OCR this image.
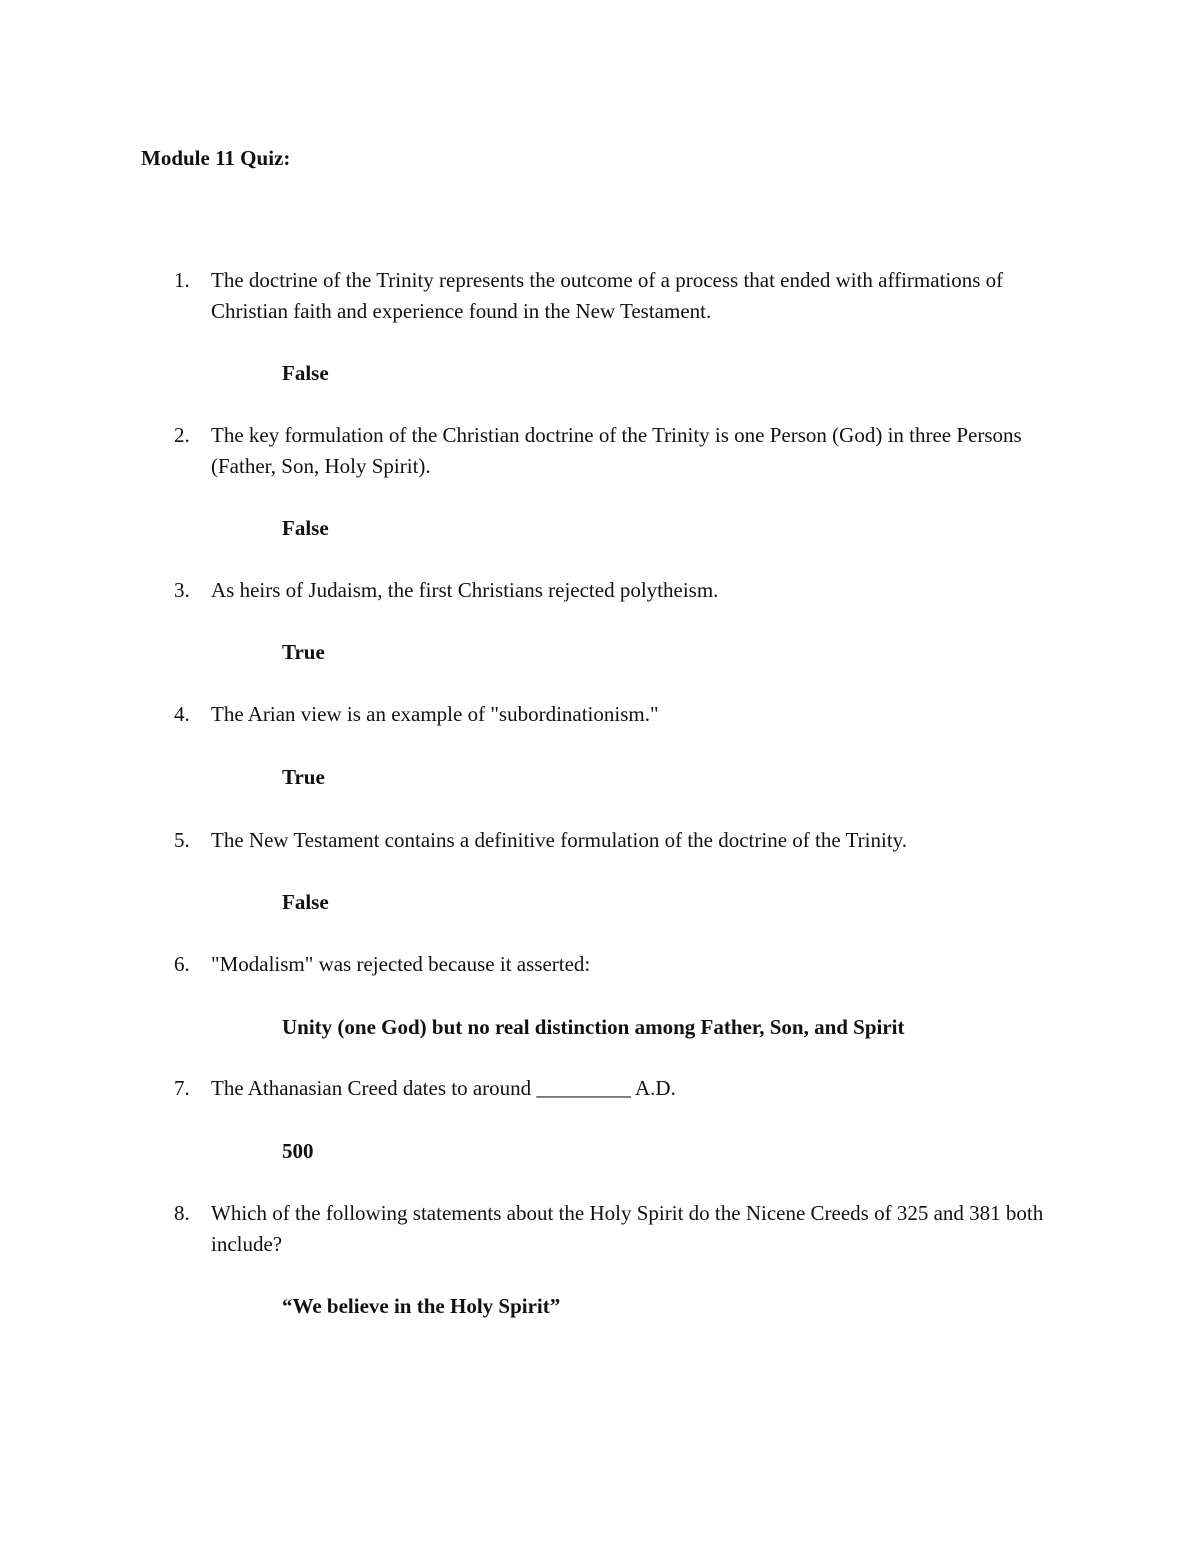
Module 11 Quiz:
1.	The doctrine of the Trinity represents the outcome of a process that ended with affirmations of Christian faith and experience found in the New Testament.
False
2.	The key formulation of the Christian doctrine of the Trinity is one Person (God) in three Persons (Father, Son, Holy Spirit).
False
3.	As heirs of Judaism, the first Christians rejected polytheism.
True
4.	The Arian view is an example of "subordinationism."
True
5.	The New Testament contains a definitive formulation of the doctrine of the Trinity.
False
6.	"Modalism" was rejected because it asserted:
Unity (one God) but no real distinction among Father, Son, and Spirit
7.	The Athanasian Creed dates to around _________ A.D.
500
8.	Which of the following statements about the Holy Spirit do the Nicene Creeds of 325 and 381 both include?
“We believe in the Holy Spirit”
